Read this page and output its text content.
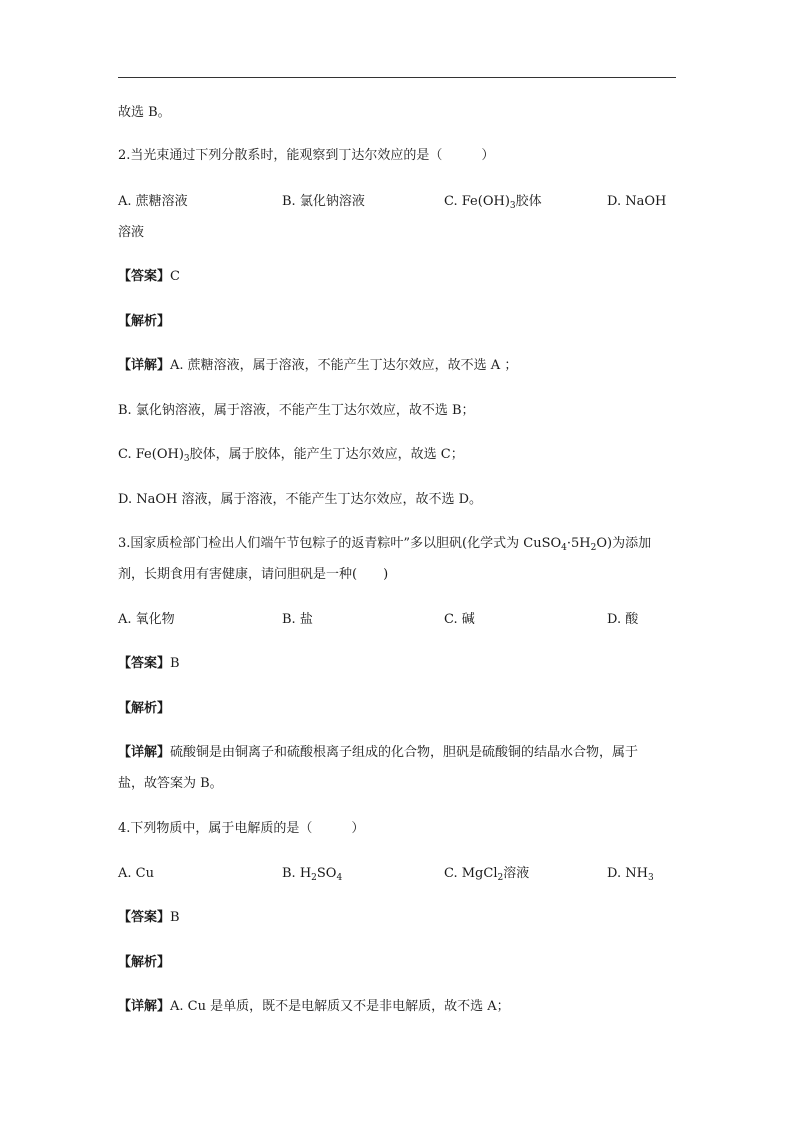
故选 B。
2.当光束通过下列分散系时，能观察到丁达尔效应的是（　　　）
A. 蔗糖溶液	B. 氯化钠溶液	C. $Fe(OH)_3$胶体	D. NaOH
溶液
【答案】C
【解析】
【详解】A. 蔗糖溶液，属于溶液，不能产生丁达尔效应，故不选 A ；
B. 氯化钠溶液，属于溶液，不能产生丁达尔效应，故不选 B；
C. $Fe(OH)_3$胶体，属于胶体，能产生丁达尔效应，故选 C；
D. NaOH 溶液，属于溶液，不能产生丁达尔效应，故不选 D。
3.国家质检部门检出人们端午节包粽子的返青粽叶”多以胆矾(化学式为 $CuSO_4\cdot 5H_2O$)为添加
剂，长期食用有害健康，请问胆矾是一种(　　)
A. 氧化物	B. 盐	C. 碱	D. 酸
【答案】B
【解析】
【详解】硫酸铜是由铜离子和硫酸根离子组成的化合物，胆矾是硫酸铜的结晶水合物，属于
盐，故答案为 B。
4.下列物质中，属于电解质的是（　　　）
A. Cu	B. $H_2SO_4$	C. MgCl$_2$溶液	D. $NH_3$
【答案】B
【解析】
【详解】A. Cu 是单质，既不是电解质又不是非电解质，故不选 A；
